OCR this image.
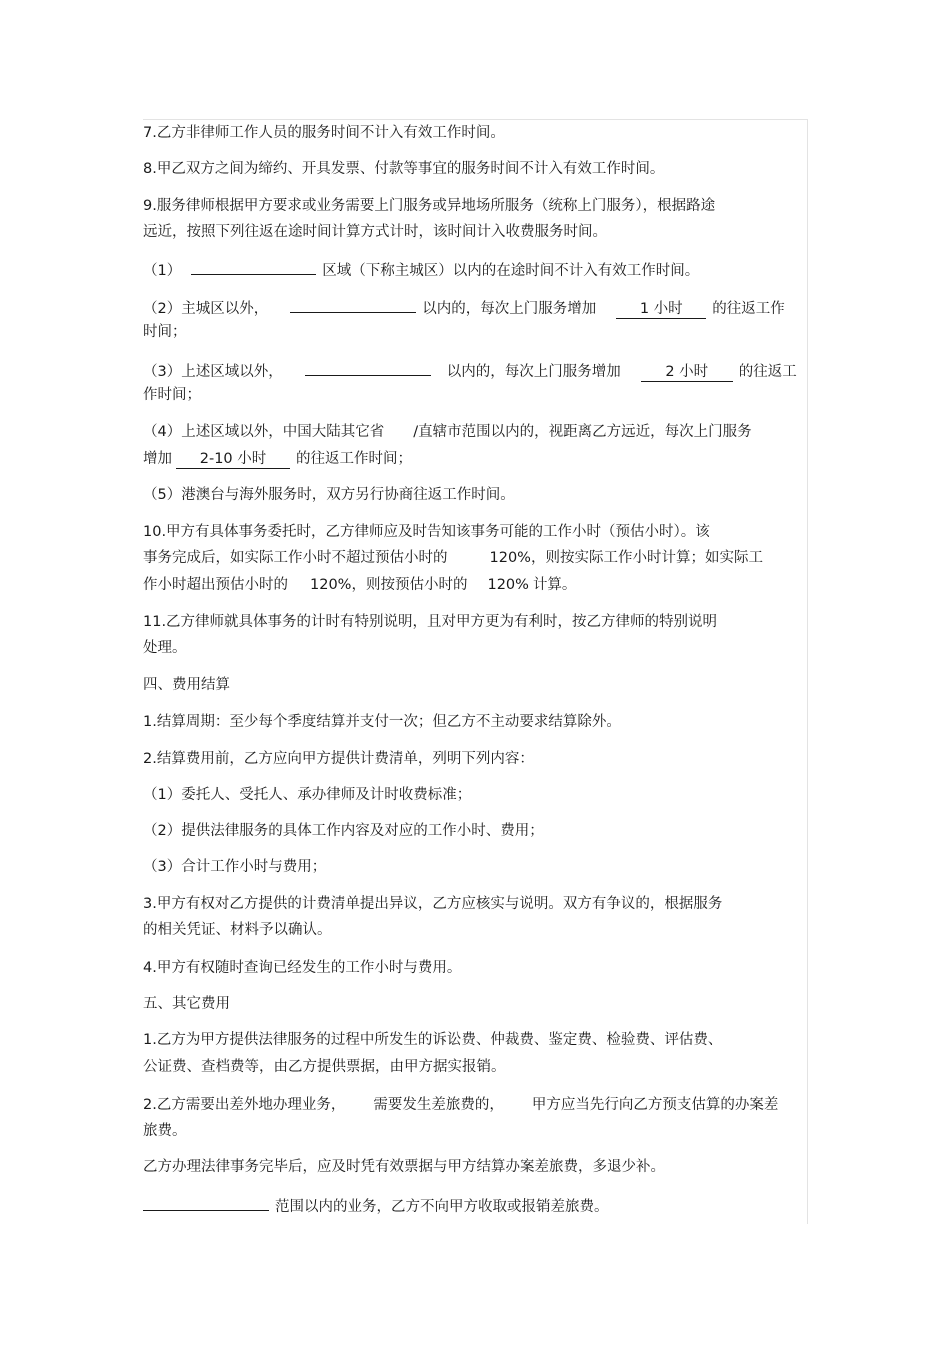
7.乙方非律师工作人员的服务时间不计入有效工作时间。
8.甲乙双方之间为缔约、开具发票、付款等事宜的服务时间不计入有效工作时间。
9.服务律师根据甲方要求或业务需要上门服务或异地场所服务（统称上门服务），根据路途
远近，按照下列往返在途时间计算方式计时，该时间计入收费服务时间。
（1）	区域（下称主城区）以内的在途时间不计入有效工作时间。
（2）主城区以外，	以内的，每次上门服务增加	1 小时 的往返工作
时间；
（3）上述区域以外，	以内的，每次上门服务增加	2 小时 的往返工
作时间；
（4）上述区域以外，中国大陆其它省　　/直辖市范围以内的，视距离乙方远近，每次上门服务
增加 2-10 小时 的往返工作时间；
（5）港澳台与海外服务时，双方另行协商往返工作时间。
10.甲方有具体事务委托时，乙方律师应及时告知该事务可能的工作小时（预估小时）。该
事务完成后，如实际工作小时不超过预估小时的	120%，则按实际工作小时计算；如实际工
作小时超出预估小时的 120%，则按预估小时的 120% 计算。
11.乙方律师就具体事务的计时有特别说明，且对甲方更为有利时，按乙方律师的特别说明
处理。
四、费用结算
1.结算周期：至少每个季度结算并支付一次；但乙方不主动要求结算除外。
2.结算费用前，乙方应向甲方提供计费清单，列明下列内容：
（1）委托人、受托人、承办律师及计时收费标准；
（2）提供法律服务的具体工作内容及对应的工作小时、费用；
（3）合计工作小时与费用；
3.甲方有权对乙方提供的计费清单提出异议，乙方应核实与说明。双方有争议的，根据服务
的相关凭证、材料予以确认。
4.甲方有权随时查询已经发生的工作小时与费用。
五、其它费用
1.乙方为甲方提供法律服务的过程中所发生的诉讼费、仲裁费、鉴定费、检验费、评估费、
公证费、查档费等，由乙方提供票据，由甲方据实报销。
2.乙方需要出差外地办理业务， 需要发生差旅费的， 甲方应当先行向乙方预支估算的办案差
旅费。
乙方办理法律事务完毕后，应及时凭有效票据与甲方结算办案差旅费，多退少补。
范围以内的业务，乙方不向甲方收取或报销差旅费。
